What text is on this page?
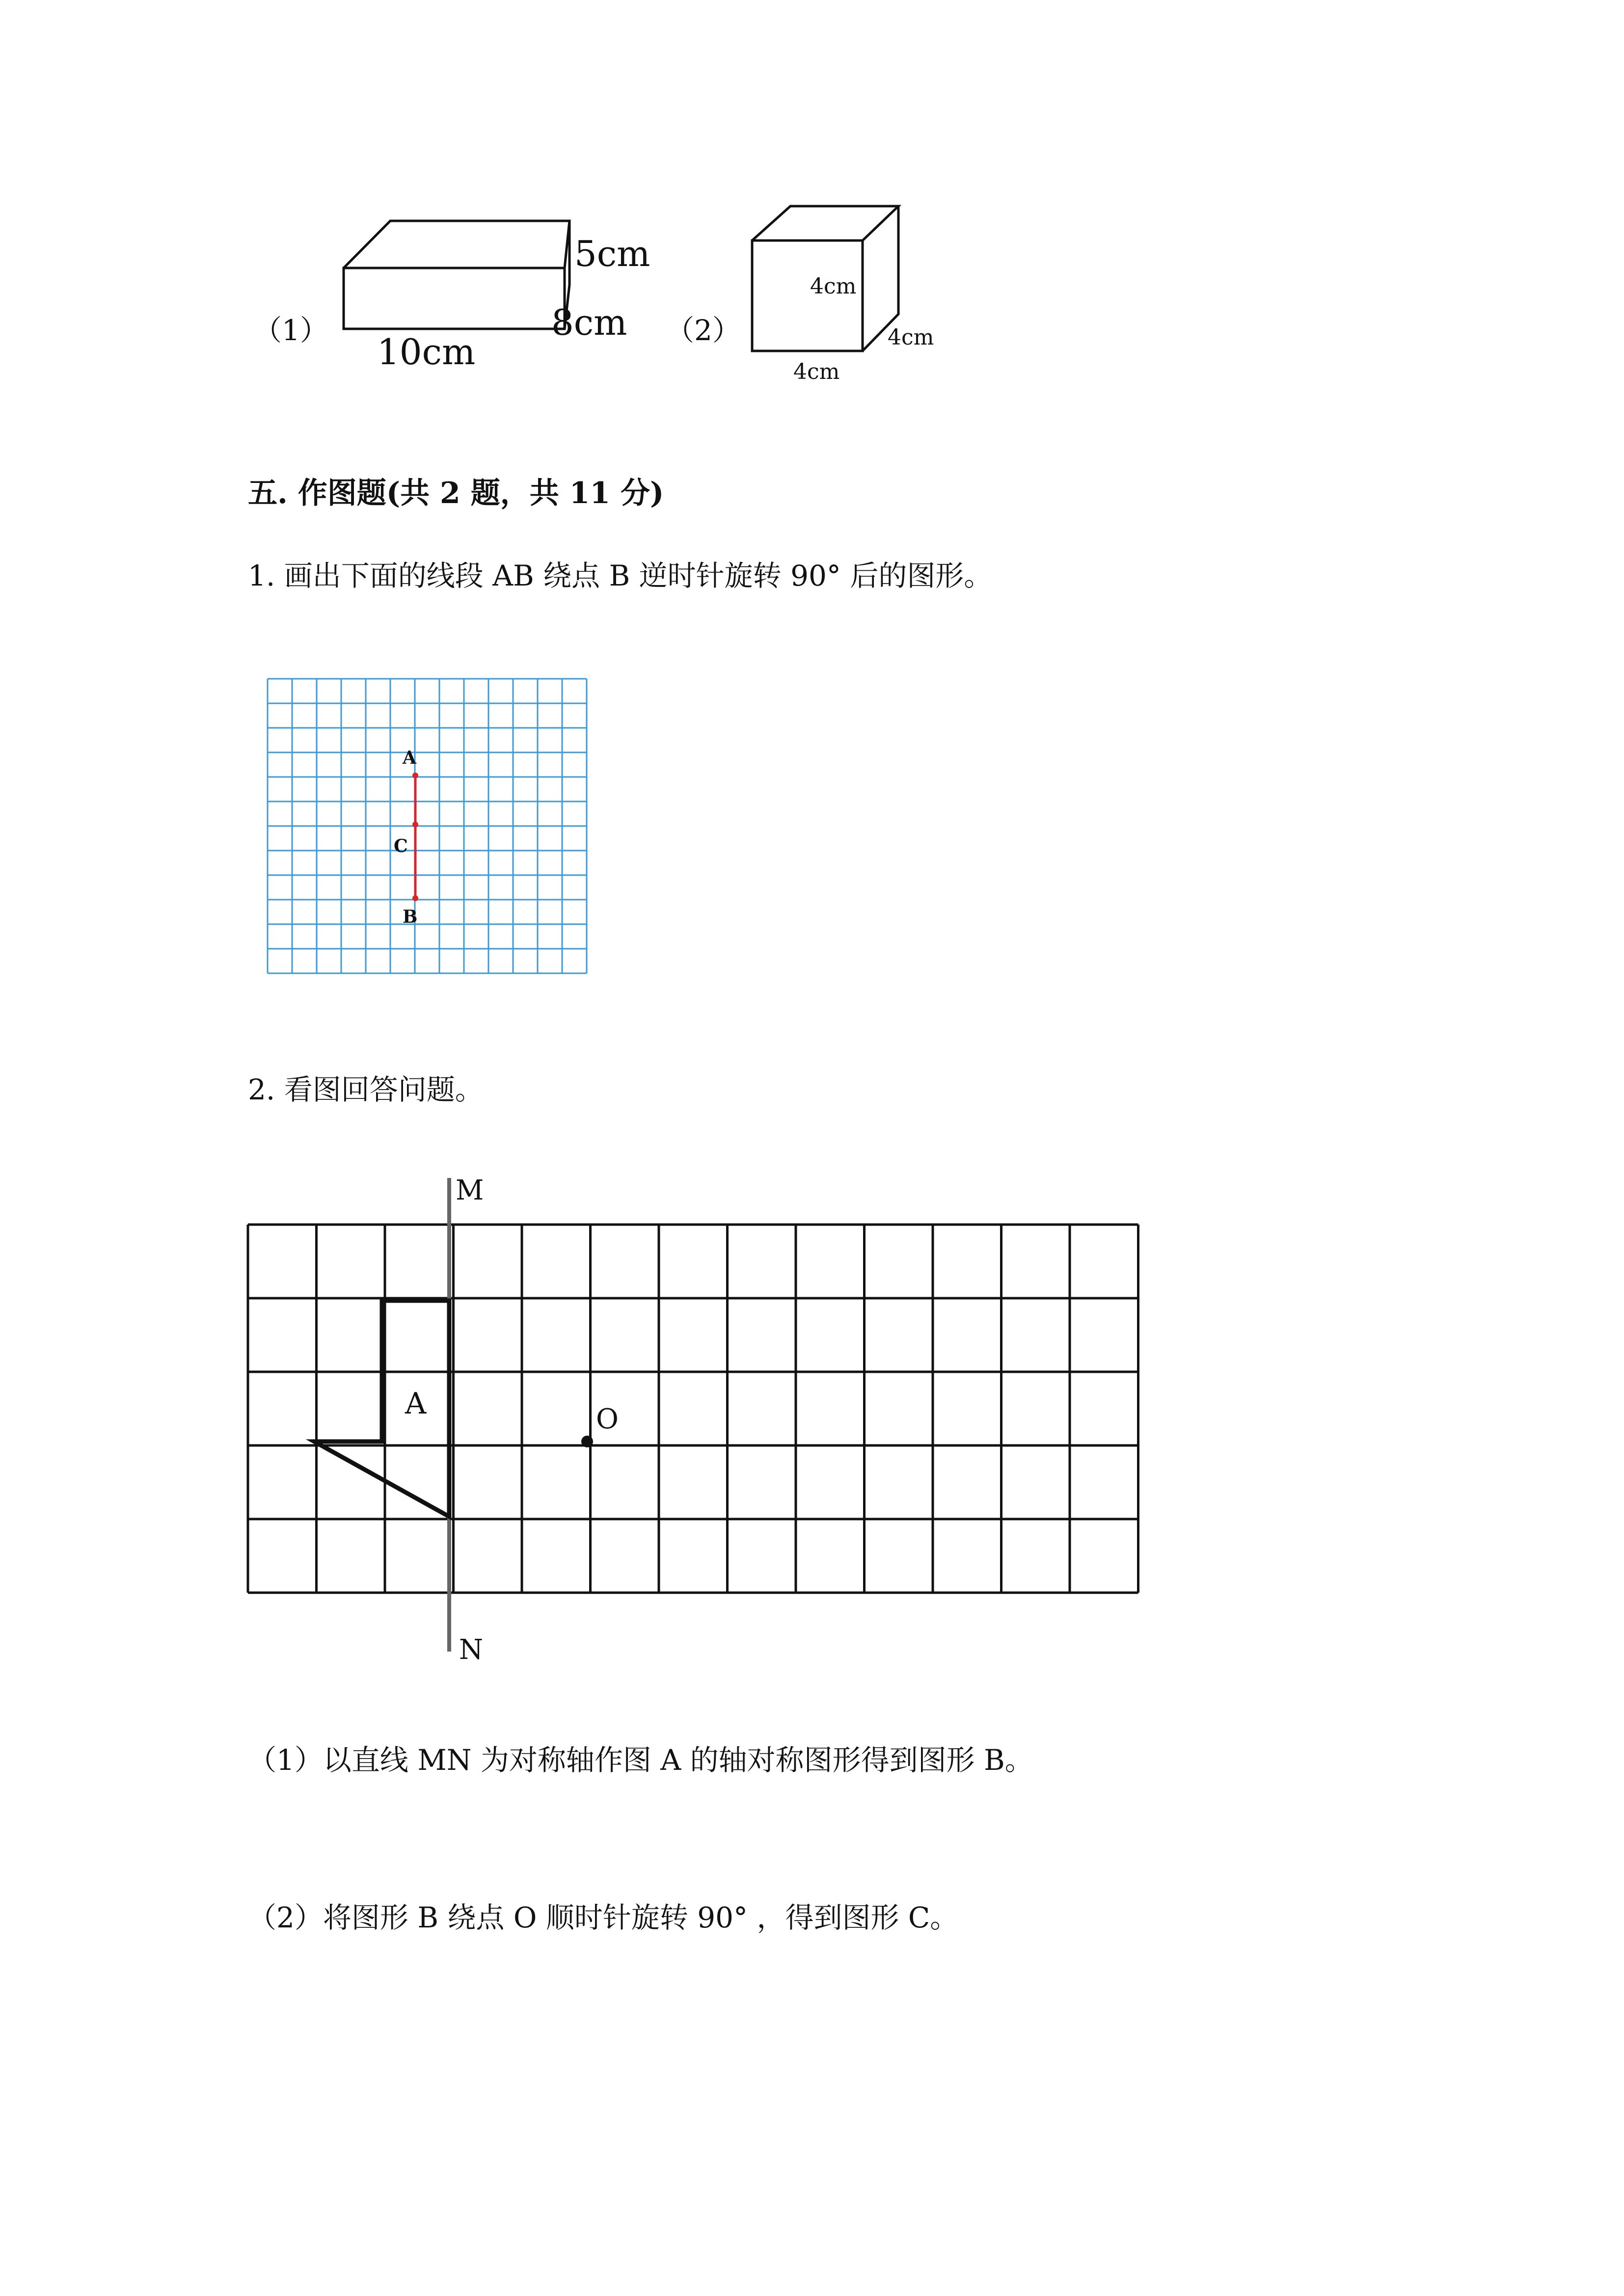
（1）
5cm
8cm
10cm
（2）
4cm
4cm
4cm
五. 作图题(共 2 题，共 11 分)
1. 画出下面的线段 AB 绕点 B 逆时针旋转 90° 后的图形。
A
C
B
2. 看图回答问题。
M
N
A	O
（1）以直线 MN 为对称轴作图 A 的轴对称图形得到图形 B。
（2）将图形 B 绕点 O 顺时针旋转 90° ，得到图形 C。
